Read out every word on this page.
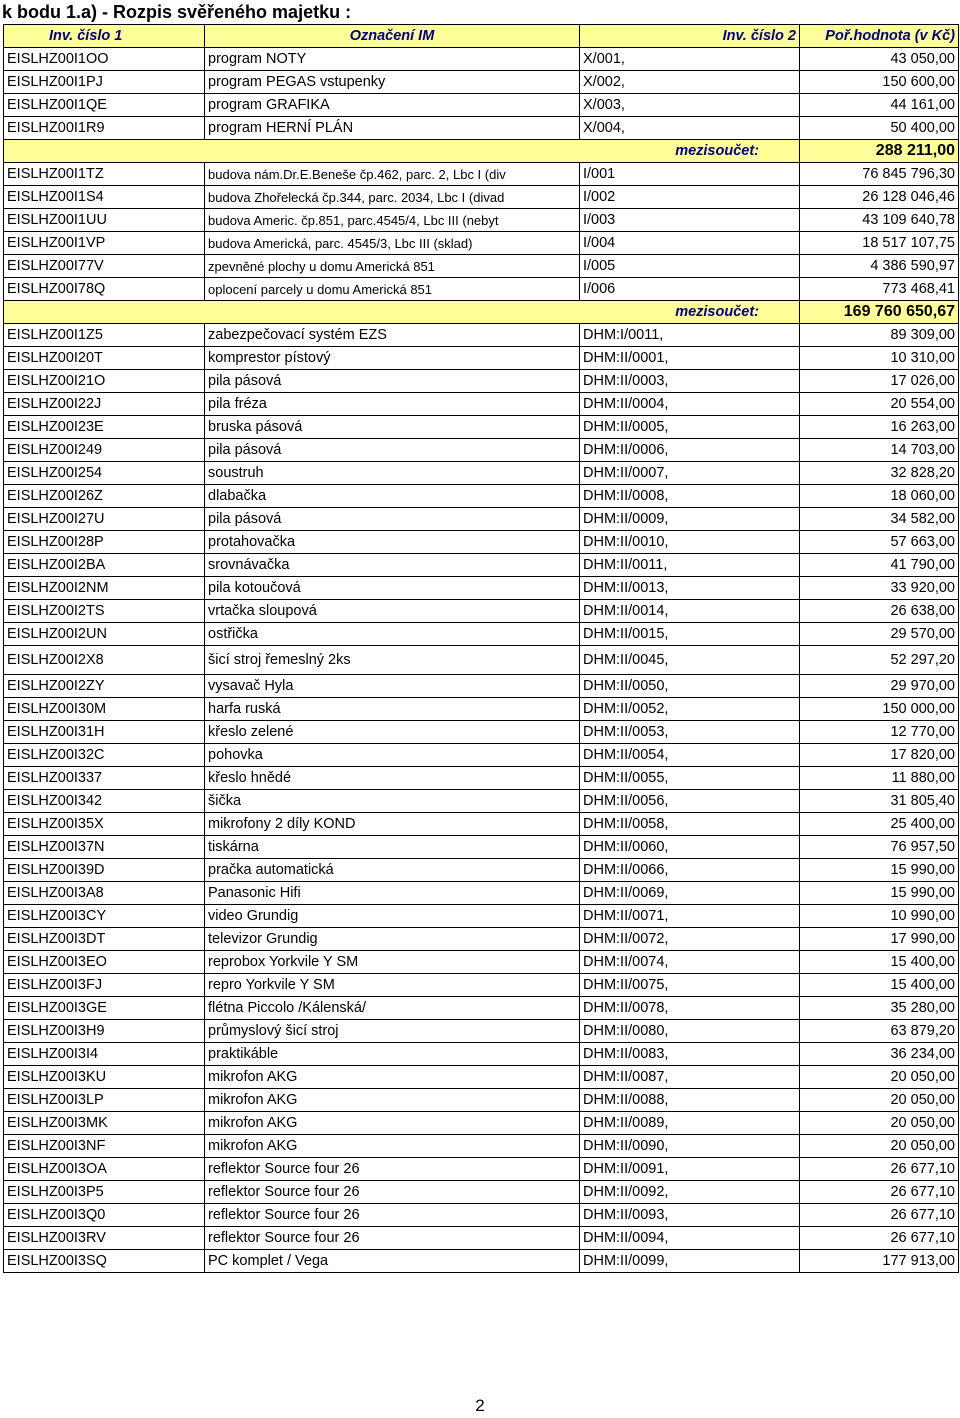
k bodu 1.a) - Rozpis svěřeného majetku :
Inv. číslo 1	Označení IM	Inv. číslo 2	Poř.hodnota (v Kč)
EISLHZ00I1OO	program NOTY	X/001,	43 050,00
EISLHZ00I1PJ	program PEGAS vstupenky	X/002,	150 600,00
EISLHZ00I1QE	program GRAFIKA	X/003,	44 161,00
EISLHZ00I1R9	program HERNÍ PLÁN	X/004,	50 400,00
mezisoučet:			288 211,00
EISLHZ00I1TZ	budova nám.Dr.E.Beneše čp.462, parc. 2, Lbc I (div	I/001	76 845 796,30
EISLHZ00I1S4	budova Zhořelecká čp.344, parc. 2034, Lbc I (divad	I/002	26 128 046,46
EISLHZ00I1UU	budova Americ. čp.851, parc.4545/4, Lbc III (nebyt	I/003	43 109 640,78
EISLHZ00I1VP	budova Americká, parc. 4545/3, Lbc III (sklad)	I/004	18 517 107,75
EISLHZ00I77V	zpevněné plochy u domu Americká 851	I/005	4 386 590,97
EISLHZ00I78Q	oplocení parcely u domu Americká 851	I/006	773 468,41
mezisoučet:			169 760 650,67
EISLHZ00I1Z5	zabezpečovací systém EZS	DHM:I/0011,	89 309,00
EISLHZ00I20T	komprestor pístový	DHM:II/0001,	10 310,00
EISLHZ00I21O	pila pásová	DHM:II/0003,	17 026,00
EISLHZ00I22J	pila fréza	DHM:II/0004,	20 554,00
EISLHZ00I23E	bruska pásová	DHM:II/0005,	16 263,00
EISLHZ00I249	pila pásová	DHM:II/0006,	14 703,00
EISLHZ00I254	soustruh	DHM:II/0007,	32 828,20
EISLHZ00I26Z	dlabačka	DHM:II/0008,	18 060,00
EISLHZ00I27U	pila pásová	DHM:II/0009,	34 582,00
EISLHZ00I28P	protahovačka	DHM:II/0010,	57 663,00
EISLHZ00I2BA	srovnávačka	DHM:II/0011,	41 790,00
EISLHZ00I2NM	pila kotoučová	DHM:II/0013,	33 920,00
EISLHZ00I2TS	vrtačka sloupová	DHM:II/0014,	26 638,00
EISLHZ00I2UN	ostřička	DHM:II/0015,	29 570,00
EISLHZ00I2X8	šicí stroj řemeslný 2ks	DHM:II/0045,	52 297,20
EISLHZ00I2ZY	vysavač Hyla	DHM:II/0050,	29 970,00
EISLHZ00I30M	harfa ruská	DHM:II/0052,	150 000,00
EISLHZ00I31H	křeslo zelené	DHM:II/0053,	12 770,00
EISLHZ00I32C	pohovka	DHM:II/0054,	17 820,00
EISLHZ00I337	křeslo hnědé	DHM:II/0055,	11 880,00
EISLHZ00I342	šička	DHM:II/0056,	31 805,40
EISLHZ00I35X	mikrofony 2 díly KOND	DHM:II/0058,	25 400,00
EISLHZ00I37N	tiskárna	DHM:II/0060,	76 957,50
EISLHZ00I39D	pračka automatická	DHM:II/0066,	15 990,00
EISLHZ00I3A8	Panasonic Hifi	DHM:II/0069,	15 990,00
EISLHZ00I3CY	video Grundig	DHM:II/0071,	10 990,00
EISLHZ00I3DT	televizor Grundig	DHM:II/0072,	17 990,00
EISLHZ00I3EO	reprobox Yorkvile Y SM	DHM:II/0074,	15 400,00
EISLHZ00I3FJ	repro Yorkvile Y SM	DHM:II/0075,	15 400,00
EISLHZ00I3GE	flétna Piccolo /Kálenská/	DHM:II/0078,	35 280,00
EISLHZ00I3H9	průmyslový šicí stroj	DHM:II/0080,	63 879,20
EISLHZ00I3I4	praktikáble	DHM:II/0083,	36 234,00
EISLHZ00I3KU	mikrofon AKG	DHM:II/0087,	20 050,00
EISLHZ00I3LP	mikrofon AKG	DHM:II/0088,	20 050,00
EISLHZ00I3MK	mikrofon AKG	DHM:II/0089,	20 050,00
EISLHZ00I3NF	mikrofon AKG	DHM:II/0090,	20 050,00
EISLHZ00I3OA	reflektor Source four 26	DHM:II/0091,	26 677,10
EISLHZ00I3P5	reflektor Source four 26	DHM:II/0092,	26 677,10
EISLHZ00I3Q0	reflektor Source four 26	DHM:II/0093,	26 677,10
EISLHZ00I3RV	reflektor Source four 26	DHM:II/0094,	26 677,10
EISLHZ00I3SQ	PC komplet / Vega	DHM:II/0099,	177 913,00
2
